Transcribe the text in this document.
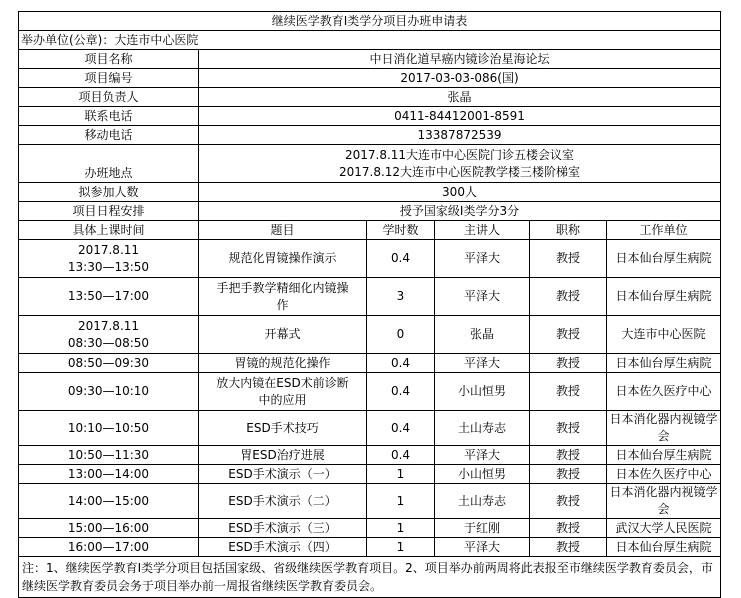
继续医学教育I类学分项目办班申请表					
举办单位(公章)：大连市中心医院					
项目名称	中日消化道早癌内镜诊治星海论坛				
项目编号	2017-03-03-086(国)				
项目负责人	张晶				
联系电话	0411-84412001-8591				
移动电话	13387872539				
办班地点	2017.8.11大连市中心医院门诊五楼会议室
2017.8.12大连市中心医院教学楼三楼阶梯室				

拟参加人数	300人				
项目日程安排	授予国家级I类学分3分				
具体上课时间	题目	学时数	主讲人	职称	工作单位

2017.8.11
13:30—13:50	规范化胃镜操作演示	0.4	平泽大	教授	日本仙台厚生病院
13:50—17:00	手把手教学精细化内镜操
作	3	平泽大	教授	日本仙台厚生病院

2017.8.11
08:30—08:50	开幕式	0	张晶	教授	大连市中心医院
08:50—09:30	胃镜的规范化操作	0.4	平泽大	教授	日本仙台厚生病院
09:30—10:10	放大内镜在ESD术前诊断
中的应用	0.4	小山恒男	教授	日本佐久医疗中心
10:10—10:50	ESD手术技巧	0.4	土山寿志	教授	日本消化器内视镜学会
10:50—11:30	胃ESD治疗进展	0.4	平泽大	教授	日本仙台厚生病院
13:00—14:00	ESD手术演示（一）	1	小山恒男	教授	日本佐久医疗中心
14:00—15:00	ESD手术演示（二）	1	土山寿志	教授	日本消化器内视镜学会
15:00—16:00	ESD手术演示（三）	1	于红刚	教授	武汉大学人民医院
16:00—17:00	ESD手术演示（四）	1	平泽大	教授	日本仙台厚生病院
注：1、继续医学教育Ⅰ类学分项目包括国家级、省级继续医学教育项目。2、项目举办前两周将此表报至市继续医学教育委员会，市继续医学教育委员会务于项目举办前一周报省继续医学教育委员会。					
